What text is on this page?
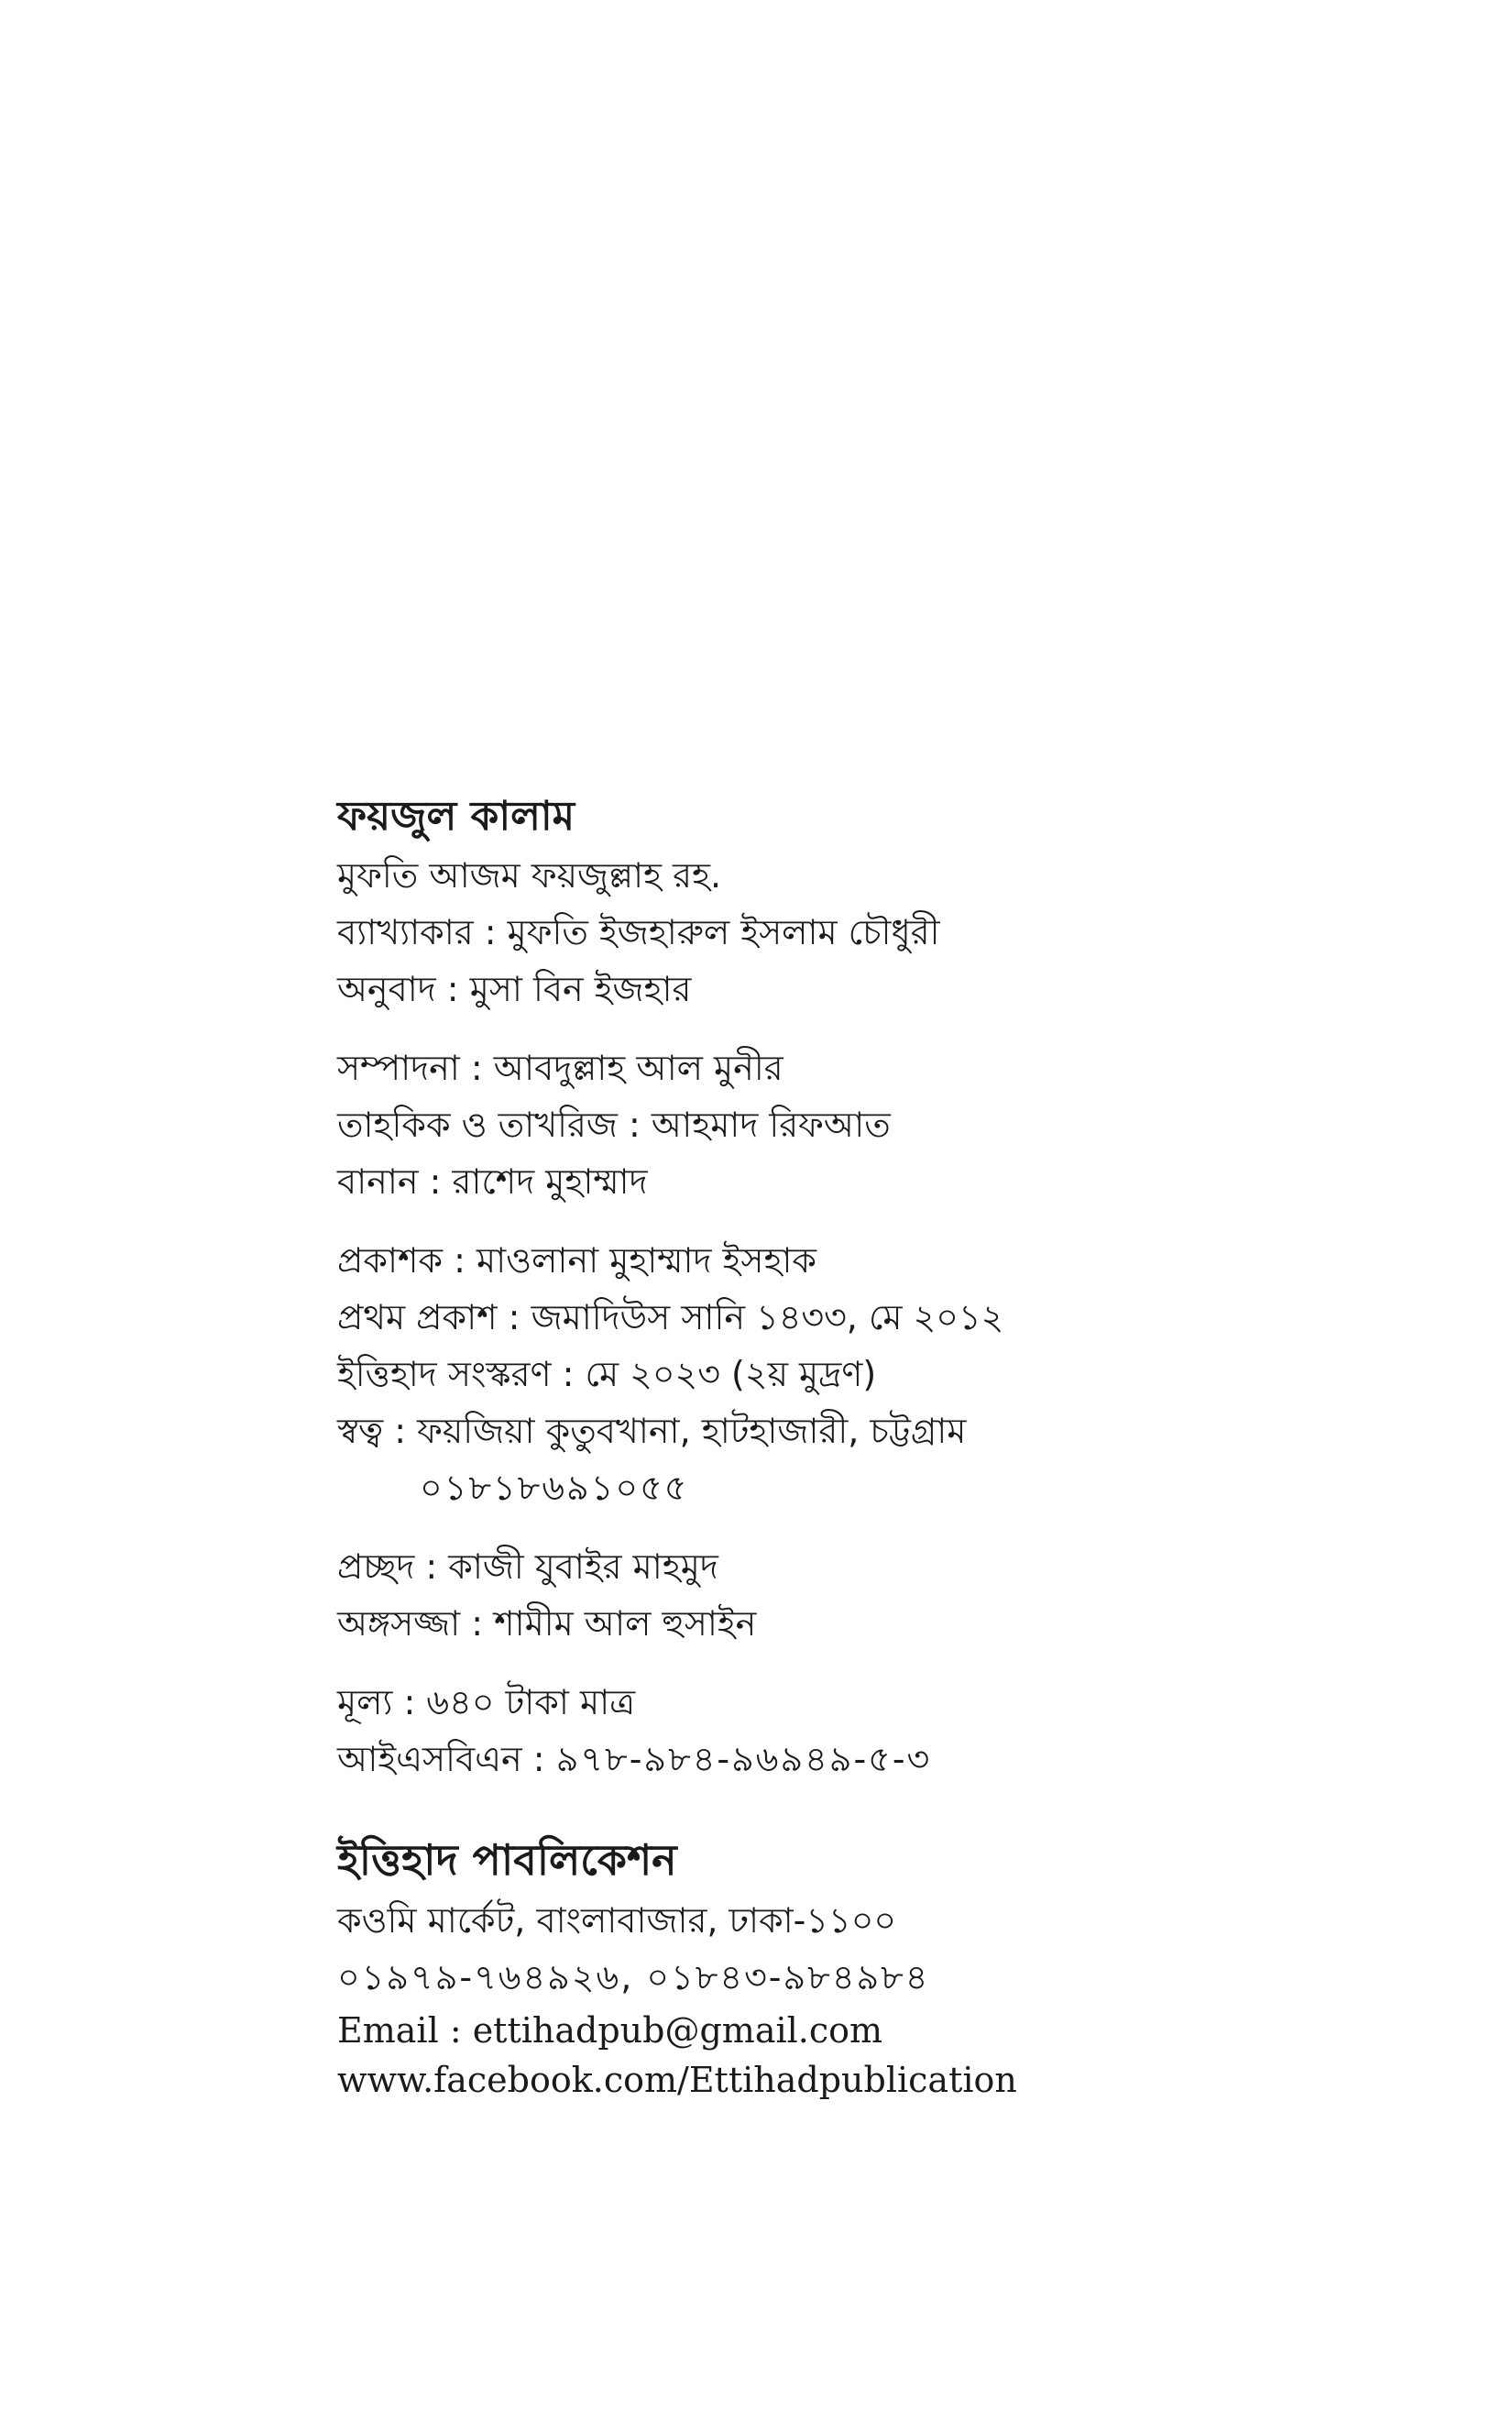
ফয়জুল কালাম

মুফতি আজম ফয়জুল্লাহ রহ.

ব্যাখ্যাকার : মুফতি ইজহারুল ইসলাম চৌধুরী

অনুবাদ : মুসা বিন ইজহার

সম্পাদনা : আবদুল্লাহ আল মুনীর

তাহকিক ও তাখরিজ : আহমাদ রিফআত

বানান : রাশেদ মুহাম্মাদ

প্রকাশক : মাওলানা মুহাম্মাদ ইসহাক

প্রথম প্রকাশ : জমাদিউস সানি ১৪৩৩, মে ২০১২

ইত্তিহাদ সংস্করণ : মে ২০২৩ (২য় মুদ্রণ)

স্বত্ব : ফয়জিয়া কুতুবখানা, হাটহাজারী, চট্টগ্রাম

০১৮১৮৬৯১০৫৫

প্রচ্ছদ : কাজী যুবাইর মাহমুদ

অঙ্গসজ্জা : শামীম আল হুসাইন

মূল্য : ৬৪০ টাকা মাত্র

আইএসবিএন : ৯৭৮-৯৮৪-৯৬৯৪৯-৫-৩

ইত্তিহাদ পাবলিকেশন

কওমি মার্কেট, বাংলাবাজার, ঢাকা-১১০০

০১৯৭৯-৭৬৪৯২৬, ০১৮৪৩-৯৮৪৯৮৪

Email : ettihadpub@gmail.com

www.facebook.com/Ettihadpublication
